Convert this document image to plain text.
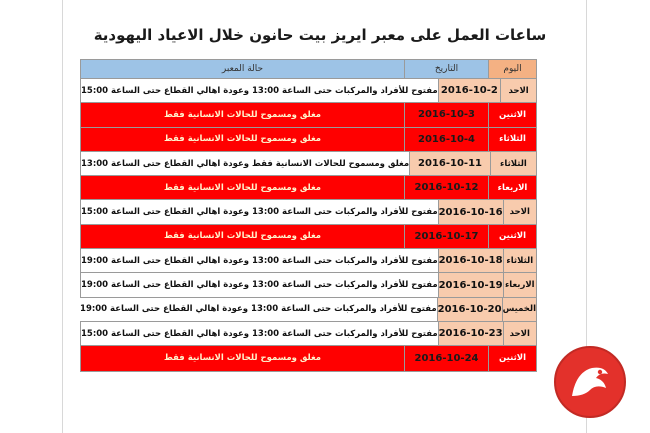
ساعات العمل على معبر ايريز بيت حانون خلال الاعياد اليهودية
اليوم
التاريخ
حالة المعبر
الاحد
2016-10-2
مفتوح للأفراد والمركبات حتى الساعة 13:00 وعودة اهالي القطاع حتى الساعة 15:00
الاثنين
2016-10-3
مغلق ومسموح للحالات الانسانية فقط
الثلاثاء
2016-10-4
مغلق ومسموح للحالات الانسانية فقط
الثلاثاء
2016-10-11
مغلق ومسموح للحالات الانسانية فقط وعودة اهالي القطاع حتى الساعة 13:00
الاربعاء
2016-10-12
مغلق ومسموح للحالات الانسانية فقط
الاحد
2016-10-16
مفتوح للأفراد والمركبات حتى الساعة 13:00 وعودة اهالي القطاع حتى الساعة 15:00
الاثنين
2016-10-17
مغلق ومسموح للحالات الانسانية فقط
الثلاثاء
2016-10-18
مفتوح للأفراد والمركبات حتى الساعة 13:00 وعودة اهالي القطاع حتى الساعة 19:00
الاربعاء
2016-10-19
مفتوح للأفراد والمركبات حتى الساعة 13:00 وعودة اهالي القطاع حتى الساعة 19:00
الخميس
2016-10-20
مفتوح للأفراد والمركبات حتى الساعة 13:00 وعودة اهالي القطاع حتى الساعة 19:00
الاحد
2016-10-23
مفتوح للأفراد والمركبات حتى الساعة 13:00 وعودة اهالي القطاع حتى الساعة 15:00
الاثنين
2016-10-24
مغلق ومسموح للحالات الانسانية فقط
